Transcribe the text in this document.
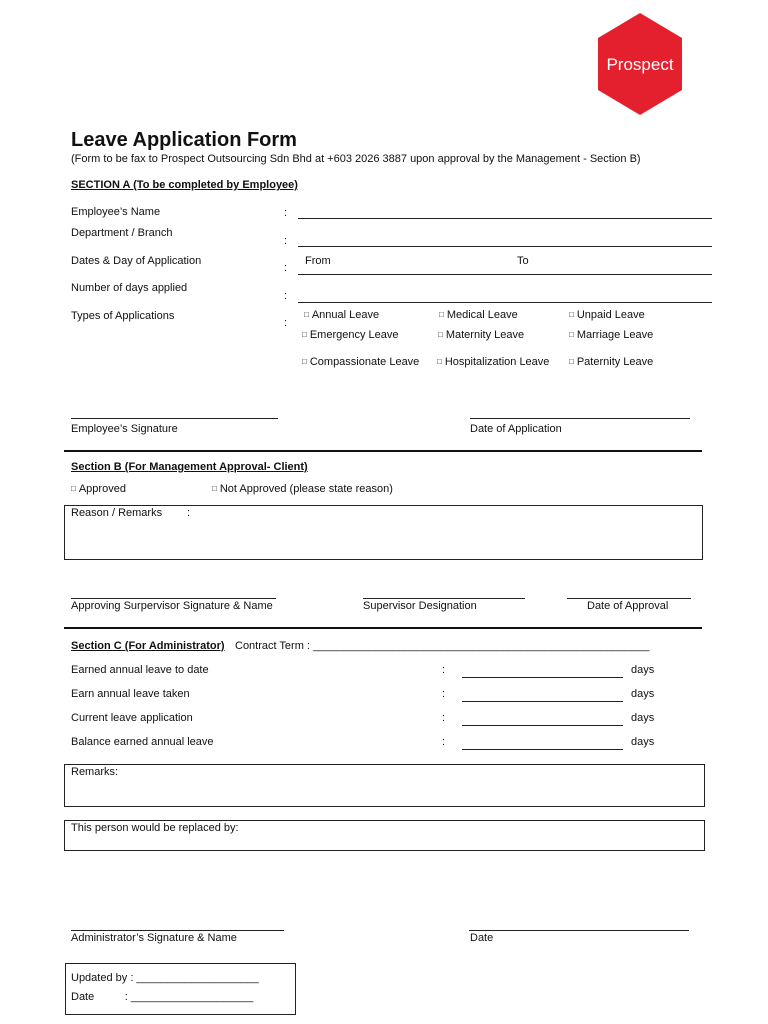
Prospect
Leave Application Form
(Form to be fax to Prospect Outsourcing Sdn Bhd at +603 2026 3887 upon approval by the Management - Section B)
SECTION A (To be completed by Employee)
Employee’s Name	:
Department / Branch
:
Dates & Day of Application
:
From	To
Number of days applied
:
Types of Applications
:
□ Annual Leave	□ Medical Leave	□ Unpaid Leave
□ Emergency Leave	□ Maternity Leave	□ Marriage Leave
□ Compassionate Leave □ Hospitalization Leave □ Paternity Leave
Employee’s Signature	Date of Application
Section B (For Management Approval- Client)
□ Approved	□ Not Approved (please state reason)
Reason / Remarks :
Approving Surpervisor Signature & Name	Supervisor Designation	Date of Approval
Section C (For Administrator) Contract Term : _______________________________________________________
Earned annual leave to date	:	days
Earn annual leave taken	:	days
Current leave application	:	days
Balance earned annual leave	:	days
Remarks:
This person would be replaced by:
Administrator’s Signature & Name	Date
Updated by : ____________________
Date          : ____________________
